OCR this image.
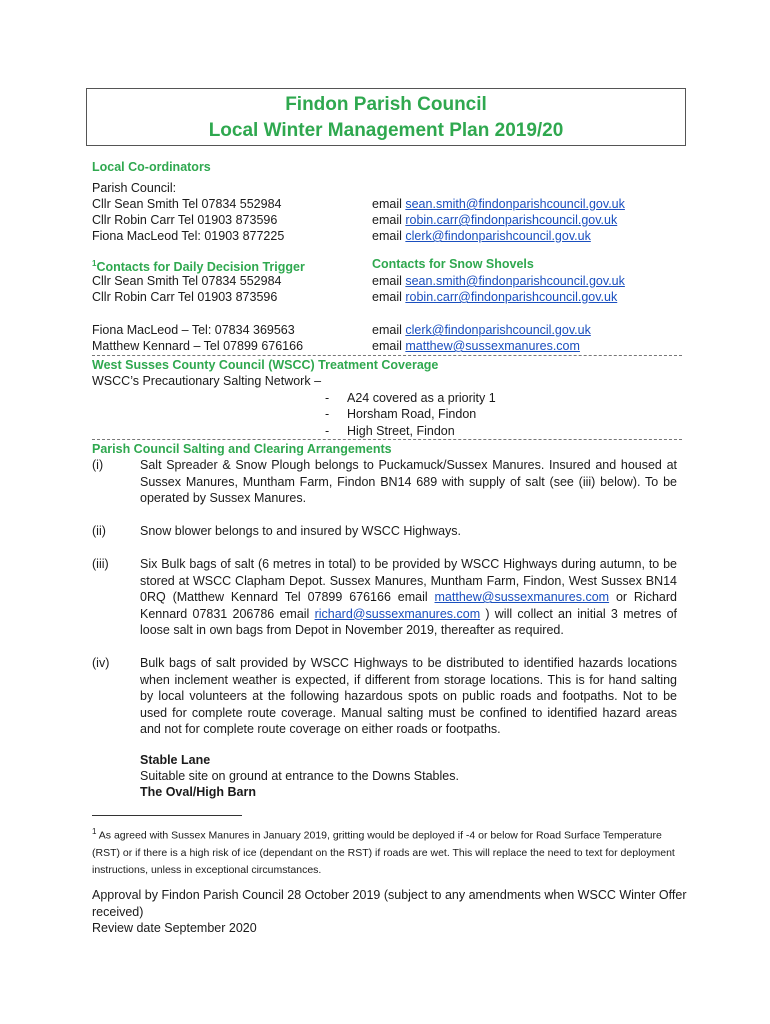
Findon Parish Council
Local Winter Management Plan 2019/20
Local Co-ordinators
Parish Council:
Cllr Sean Smith Tel 07834 552984	email sean.smith@findonparishcouncil.gov.uk
Cllr Robin Carr Tel 01903 873596	email robin.carr@findonparishcouncil.gov.uk
Fiona MacLeod Tel: 01903 877225	email clerk@findonparishcouncil.gov.uk
$^1$Contacts for Daily Decision Trigger	Contacts for Snow Shovels
Cllr Sean Smith Tel 07834 552984	email sean.smith@findonparishcouncil.gov.uk
Cllr Robin Carr Tel 01903 873596	email robin.carr@findonparishcouncil.gov.uk
Fiona MacLeod – Tel: 07834 369563	email clerk@findonparishcouncil.gov.uk
Matthew Kennard – Tel 07899 676166	email matthew@sussexmanures.com
West Susses County Council (WSCC) Treatment Coverage
WSCC’s Precautionary Salting Network –
- A24 covered as a priority 1
- Horsham Road, Findon
- High Street, Findon
Parish Council Salting and Clearing Arrangements
(i)	Salt Spreader & Snow Plough belongs to Puckamuck/Sussex Manures. Insured and housed at Sussex Manures, Muntham Farm, Findon BN14 689 with supply of salt (see (iii) below). To be operated by Sussex Manures.
(ii)	Snow blower belongs to and insured by WSCC Highways.
(iii)	Six Bulk bags of salt (6 metres in total) to be provided by WSCC Highways during autumn, to be stored at WSCC Clapham Depot. Sussex Manures, Muntham Farm, Findon, West Sussex BN14 0RQ (Matthew Kennard Tel 07899 676166 email matthew@sussexmanures.com or Richard Kennard 07831 206786 email richard@sussexmanures.com ) will collect an initial 3 metres of loose salt in own bags from Depot in November 2019, thereafter as required.
(iv) Bulk bags of salt provided by WSCC Highways to be distributed to identified hazards locations when inclement weather is expected, if different from storage locations. This is for hand salting by local volunteers at the following hazardous spots on public roads and footpaths. Not to be used for complete route coverage. Manual salting must be confined to identified hazard areas and not for complete route coverage on either roads or footpaths.
Stable Lane
Suitable site on ground at entrance to the Downs Stables.
The Oval/High Barn
$^1$ As agreed with Sussex Manures in January 2019, gritting would be deployed if -4 or below for Road Surface Temperature (RST) or if there is a high risk of ice (dependant on the RST) if roads are wet. This will replace the need to text for deployment instructions, unless in exceptional circumstances.
Approval by Findon Parish Council 28 October 2019 (subject to any amendments when WSCC Winter Offer received)
Review date September 2020
